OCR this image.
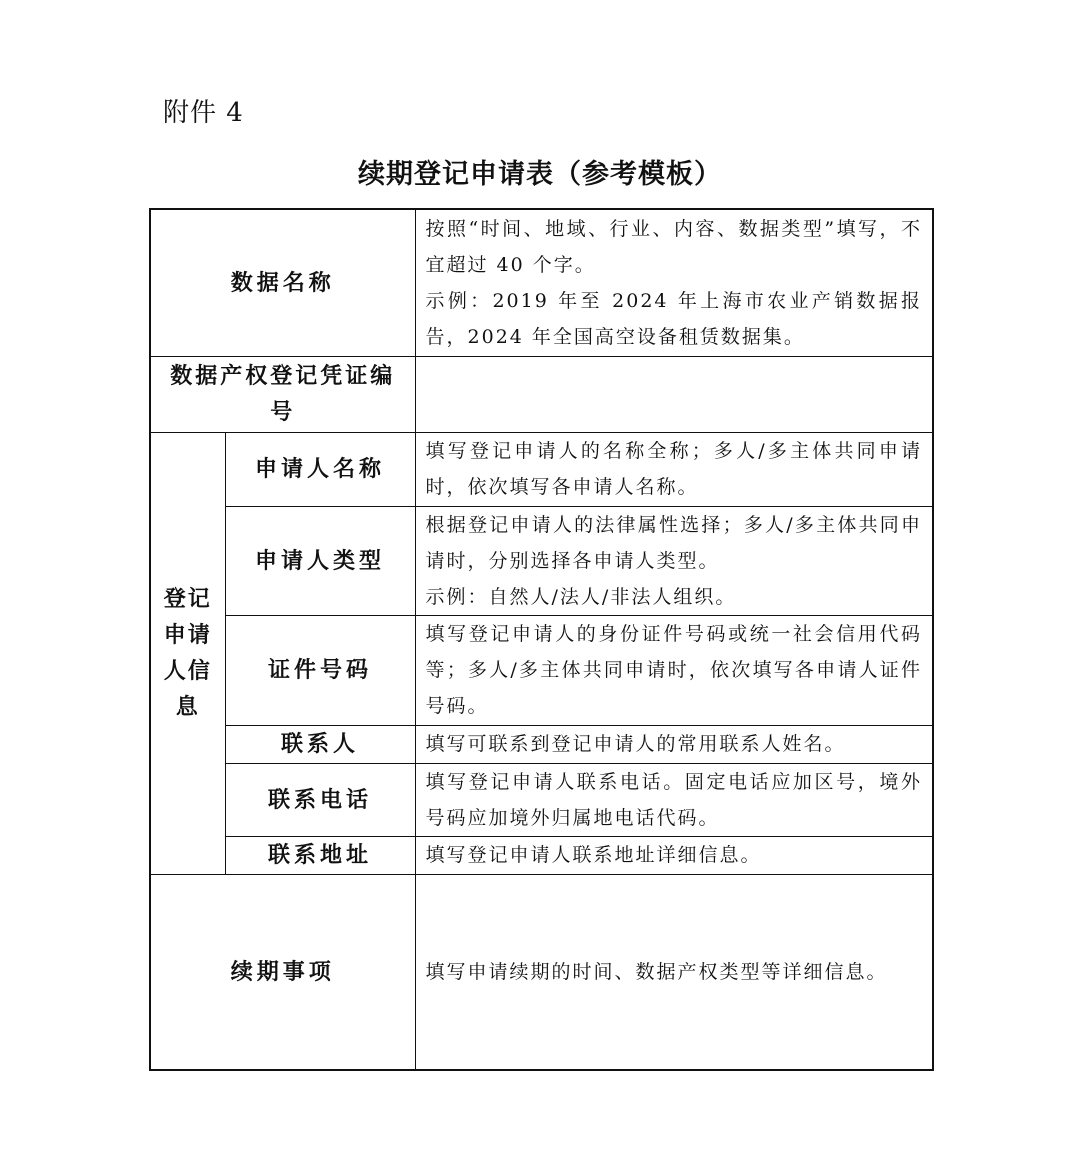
附件 4
续期登记申请表（参考模板）
数据名称		按照“时间、地域、行业、内容、数据类型”填写，不宜超过 40 个字。

示例：2019 年至 2024 年上海市农业产销数据报告，2024 年全国高空设备租赁数据集。

数据产权登记凭证编号		
登记申请人信息	申请人名称	填写登记申请人的名称全称；多人/多主体共同申请时，依次填写各申请人名称。

	申请人类型	根据登记申请人的法律属性选择；多人/多主体共同申请时，分别选择各申请人类型。

示例：自然人/法人/非法人组织。

	证件号码	填写登记申请人的身份证件号码或统一社会信用代码等；多人/多主体共同申请时，依次填写各申请人证件号码。

	联系人	填写可联系到登记申请人的常用联系人姓名。

	联系电话	填写登记申请人联系电话。固定电话应加区号，境外号码应加境外归属地电话代码。

	联系地址	填写登记申请人联系地址详细信息。

续期事项		填写申请续期的时间、数据产权类型等详细信息。
